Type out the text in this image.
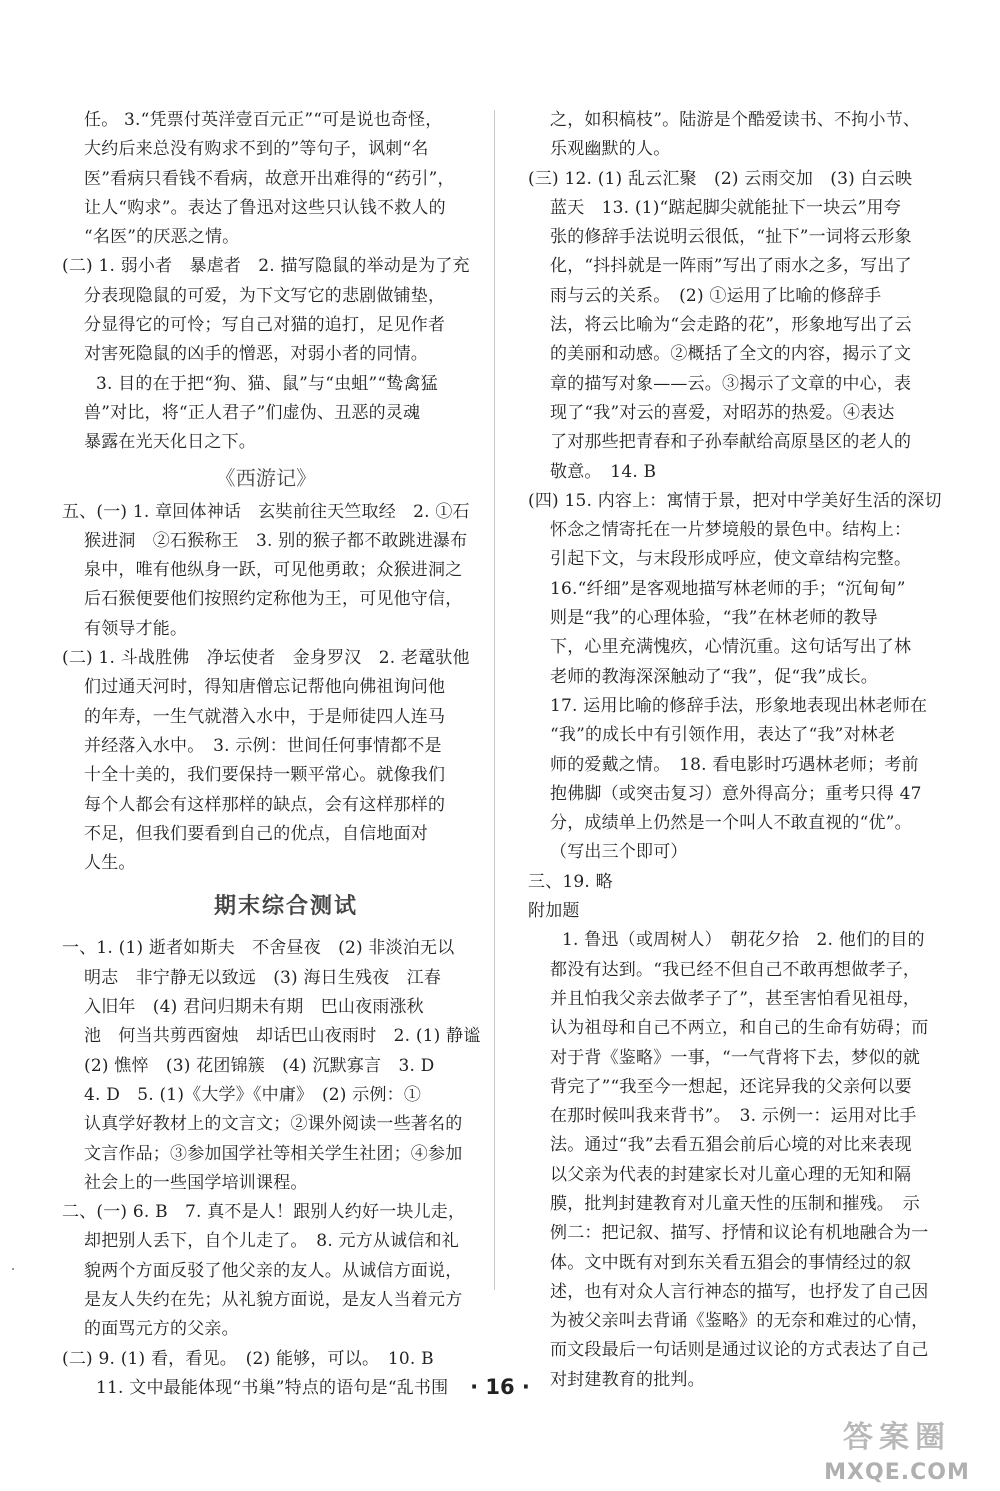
任。 3.“凭票付英洋壹百元正”“可是说也奇怪，
大约后来总没有购求不到的”等句子，讽刺“名
医”看病只看钱不看病，故意开出难得的“药引”，
让人“购求”。表达了鲁迅对这些只认钱不救人的
“名医”的厌恶之情。
(二) 1. 弱小者　暴虐者　2. 描写隐鼠的举动是为了充
分表现隐鼠的可爱，为下文写它的悲剧做铺垫，
分显得它的可怜；写自己对猫的追打，足见作者
对害死隐鼠的凶手的憎恶，对弱小者的同情。
3. 目的在于把“狗、猫、鼠”与“虫蛆”“鸷禽猛
兽”对比，将“正人君子”们虚伪、丑恶的灵魂
暴露在光天化日之下。
《西游记》
五、(一) 1. 章回体神话　玄奘前往天竺取经　2. ①石
猴进洞　②石猴称王　3. 别的猴子都不敢跳进瀑布
泉中，唯有他纵身一跃，可见他勇敢；众猴进洞之
后石猴便要他们按照约定称他为王，可见他守信，
有领导才能。
(二) 1. 斗战胜佛　净坛使者　金身罗汉　2. 老鼋驮他
们过通天河时，得知唐僧忘记帮他向佛祖询问他
的年寿，一生气就潜入水中，于是师徒四人连马
并经落入水中。　3. 示例：世间任何事情都不是
十全十美的，我们要保持一颗平常心。就像我们
每个人都会有这样那样的缺点，会有这样那样的
不足，但我们要看到自己的优点，自信地面对
人生。
期末综合测试
一、1. (1) 逝者如斯夫　不舍昼夜　(2) 非淡泊无以
明志　非宁静无以致远　(3) 海日生残夜　江春
入旧年　(4) 君问归期未有期　巴山夜雨涨秋
池　何当共剪西窗烛　却话巴山夜雨时　2. (1) 静谧
(2) 憔悴　(3) 花团锦簇　(4) 沉默寡言　3. D
4. D　5. (1)《大学》《中庸》　(2) 示例：①
认真学好教材上的文言文；②课外阅读一些著名的
文言作品；③参加国学社等相关学生社团；④参加
社会上的一些国学培训课程。
二、(一) 6. B　7. 真不是人！跟别人约好一块儿走，
却把别人丢下，自个儿走了。　8. 元方从诚信和礼
貌两个方面反驳了他父亲的友人。从诚信方面说，
是友人失约在先；从礼貌方面说，是友人当着元方
的面骂元方的父亲。
(二) 9. (1) 看，看见。　(2) 能够，可以。　10. B
11. 文中最能体现“书巢”特点的语句是“乱书围
之，如积槁枝”。陆游是个酷爱读书、不拘小节、
乐观幽默的人。
(三) 12. (1) 乱云汇聚　(2) 云雨交加　(3) 白云映
蓝天　13. (1)“踮起脚尖就能扯下一块云”用夸
张的修辞手法说明云很低，“扯下”一词将云形象
化，“抖抖就是一阵雨”写出了雨水之多，写出了
雨与云的关系。　(2) ①运用了比喻的修辞手
法，将云比喻为“会走路的花”，形象地写出了云
的美丽和动感。②概括了全文的内容，揭示了文
章的描写对象——云。③揭示了文章的中心，表
现了“我”对云的喜爱，对昭苏的热爱。④表达
了对那些把青春和子孙奉献给高原垦区的老人的
敬意。　14. B
(四) 15. 内容上：寓情于景，把对中学美好生活的深切
怀念之情寄托在一片梦境般的景色中。结构上：
引起下文，与末段形成呼应，使文章结构完整。
16.“纤细”是客观地描写林老师的手；“沉甸甸”
则是“我”的心理体验，“我”在林老师的教导
下，心里充满愧疚，心情沉重。这句话写出了林
老师的教海深深触动了“我”，促“我”成长。
17. 运用比喻的修辞手法，形象地表现出林老师在
“我”的成长中有引领作用，表达了“我”对林老
师的爱戴之情。　18. 看电影时巧遇林老师；考前
抱佛脚（或突击复习）意外得高分；重考只得 47
分，成绩单上仍然是一个叫人不敢直视的“优”。
（写出三个即可）
三、19. 略
附加题
1. 鲁迅（或周树人）　朝花夕拾　2. 他们的目的
都没有达到。“我已经不但自己不敢再想做孝子，
并且怕我父亲去做孝子了”，甚至害怕看见祖母，
认为祖母和自己不两立，和自己的生命有妨碍；而
对于背《鉴略》一事，“一气背将下去，梦似的就
背完了”“我至今一想起，还诧异我的父亲何以要
在那时候叫我来背书”。　3. 示例一：运用对比手
法。通过“我”去看五猖会前后心境的对比来表现
以父亲为代表的封建家长对儿童心理的无知和隔
膜，批判封建教育对儿童天性的压制和摧残。　示
例二：把记叙、描写、抒情和议论有机地融合为一
体。文中既有对到东关看五猖会的事情经过的叙
述，也有对众人言行神态的描写，也抒发了自己因
为被父亲叫去背诵《鉴略》的无奈和难过的心情，
而文段最后一句话则是通过议论的方式表达了自己
对封建教育的批判。
· 16 ·
答案圈
MXQE.COM
